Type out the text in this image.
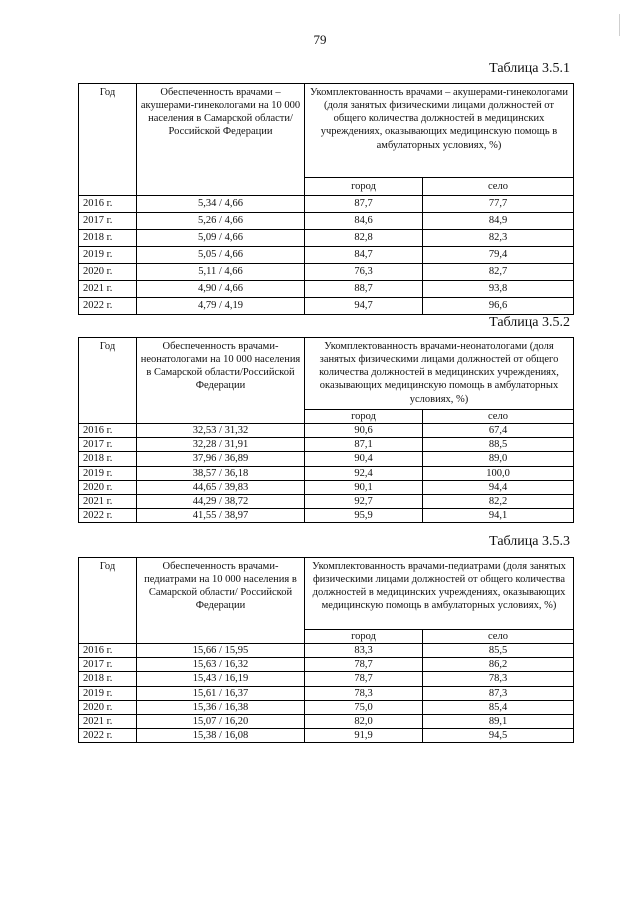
79
Таблица 3.5.1
Год	Обеспеченность врачами – акушерами-гинекологами на 10 000 населения в Самарской области/Российской Федерации	Укомплектованность врачами – акушерами-гинекологами (доля занятых физическими лицами должностей от общего количества должностей в медицинских учреждениях, оказывающих медицинскую помощь в амбулаторных условиях, %)	
		город	село
2016 г.	5,34 / 4,66	87,7	77,7
2017 г.	5,26 / 4,66	84,6	84,9
2018 г.	5,09 / 4,66	82,8	82,3
2019 г.	5,05 / 4,66	84,7	79,4
2020 г.	5,11 / 4,66	76,3	82,7
2021 г.	4,90 / 4,66	88,7	93,8
2022 г.	4,79 / 4,19	94,7	96,6
Таблица 3.5.2
Год	Обеспеченность врачами-неонатологами на 10 000 населения в Самарской области/Российской Федерации	Укомплектованность врачами-неонатологами (доля занятых физическими лицами должностей от общего количества должностей в медицинских учреждениях, оказывающих медицинскую помощь в амбулаторных условиях, %)	
		город	село
2016 г.	32,53 / 31,32	90,6	67,4
2017 г.	32,28 / 31,91	87,1	88,5
2018 г.	37,96 / 36,89	90,4	89,0
2019 г.	38,57 / 36,18	92,4	100,0
2020 г.	44,65 / 39,83	90,1	94,4
2021 г.	44,29 / 38,72	92,7	82,2
2022 г.	41,55 / 38,97	95,9	94,1
Таблица 3.5.3
Год	Обеспеченность врачами-педиатрами на 10 000 населения в Самарской области/ Российской Федерации	Укомплектованность врачами-педиатрами (доля занятых физическими лицами должностей от общего количества должностей в медицинских учреждениях, оказывающих медицинскую помощь в амбулаторных условиях, %)	
		город	село
2016 г.	15,66 / 15,95	83,3	85,5
2017 г.	15,63 / 16,32	78,7	86,2
2018 г.	15,43 / 16,19	78,7	78,3
2019 г.	15,61 / 16,37	78,3	87,3
2020 г.	15,36 / 16,38	75,0	85,4
2021 г.	15,07 / 16,20	82,0	89,1
2022 г.	15,38 / 16,08	91,9	94,5
